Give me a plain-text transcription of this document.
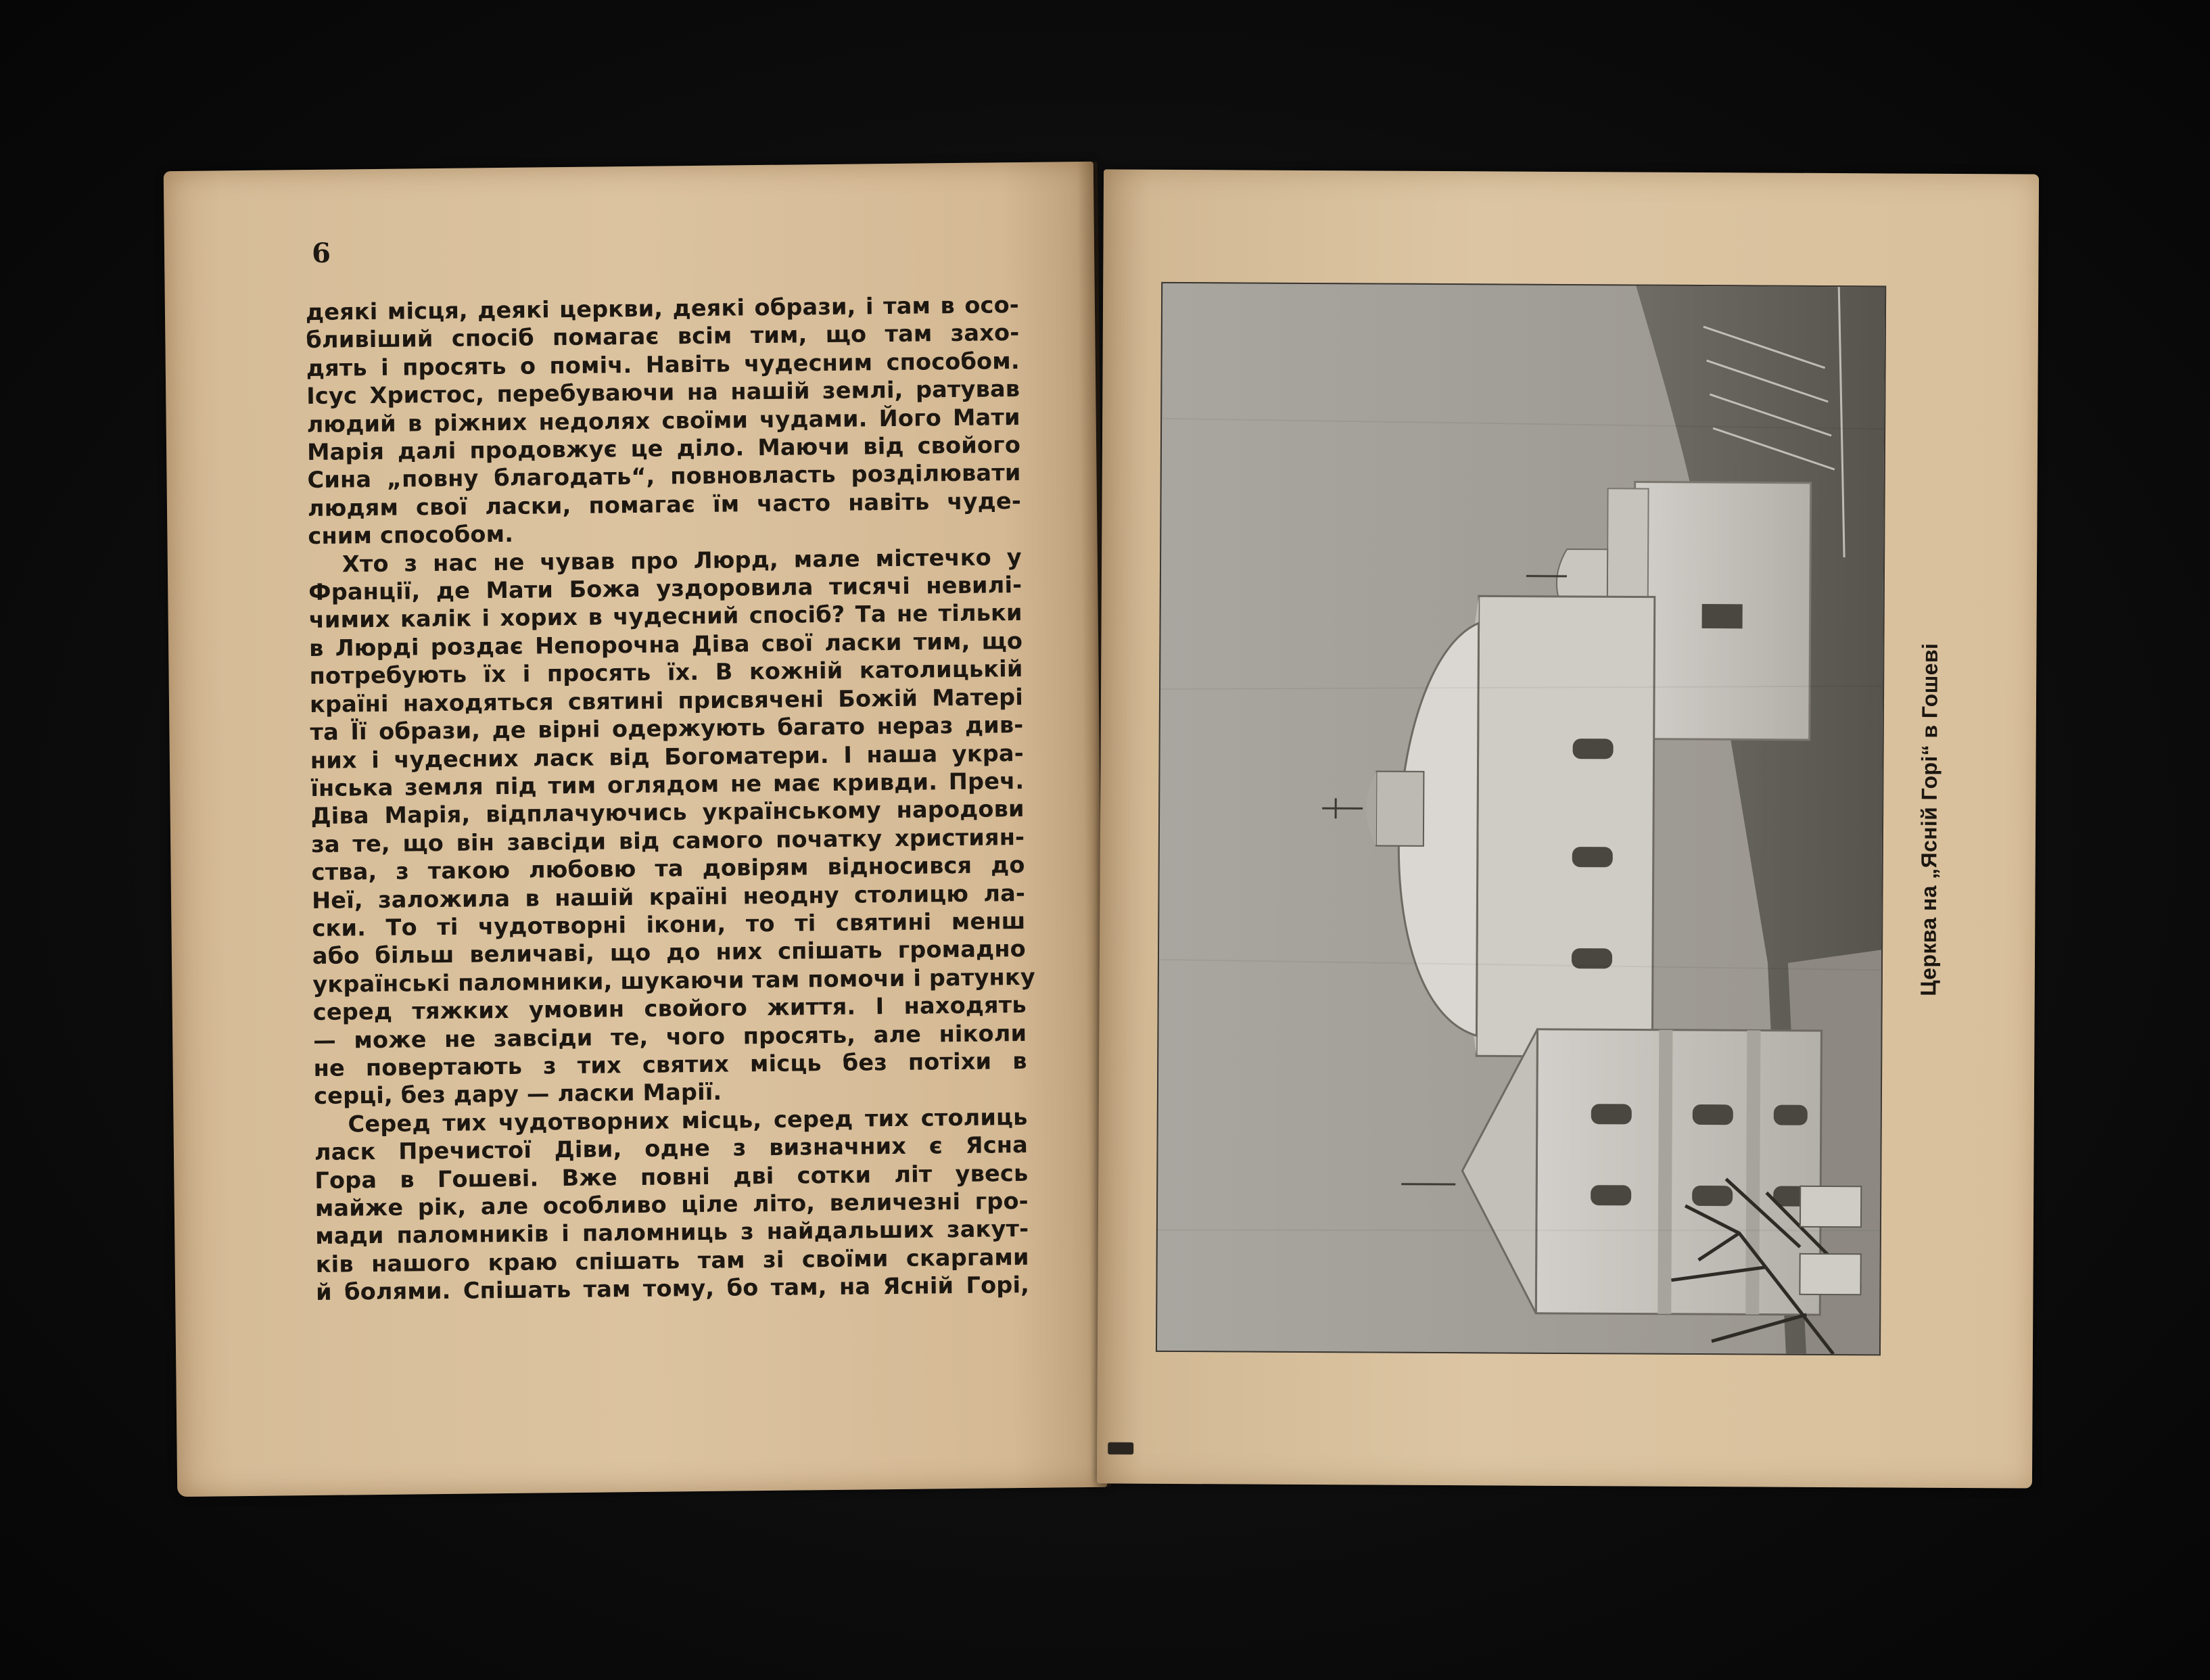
6
деякі місця, деякі церкви, деякі образи, і там в осо-
бливіший спосіб помагає всім тим, що там захо-
дять і просять о поміч. Навіть чудесним способом.
Ісус Христос, перебуваючи на нашій землі, ратував
людий в ріжних недолях своїми чудами. Його Мати
Марія далі продовжує це діло. Маючи від свойого
Сина „повну благодать“, повновласть розділювати
людям свої ласки, помагає їм часто навіть чуде-
сним способом.
Хто з нас не чував про Люрд, мале містечко у
Франції, де Мати Божа уздоровила тисячі невилі-
чимих калік і хорих в чудесний спосіб? Та не тільки
в Люрді роздає Непорочна Діва свої ласки тим, що
потребують їх і просять їх. В кожній католицькій
країні находяться святині присвячені Божій Матері
та Її образи, де вірні одержують багато нераз див-
них і чудесних ласк від Богоматери. І наша укра-
їнська земля під тим оглядом не має кривди. Преч.
Діва Марія, відплачуючись українському народови
за те, що він завсіди від самого початку християн-
ства, з такою любовю та довірям відносився до
Неї, заложила в нашій країні неодну столицю ла-
ски. То ті чудотворні ікони, то ті святині менш
або більш величаві, що до них спішать громадно
українські паломники, шукаючи там помочи і ратунку
серед тяжких умовин свойого життя. І находять
— може не завсіди те, чого просять, але ніколи
не повертають з тих святих місць без потіхи в
серці, без дару — ласки Марії.
Серед тих чудотворних місць, серед тих столиць
ласк Пречистої Діви, одне з визначних є Ясна
Гора в Гошеві. Вже повні дві сотки літ увесь
майже рік, але особливо ціле літо, величезні гро-
мади паломників і паломниць з найдальших закут-
ків нашого краю спішать там зі своїми скаргами
й болями. Спішать там тому, бо там, на Ясній Горі,
Церква на „Ясній Горі“ в Гошеві
